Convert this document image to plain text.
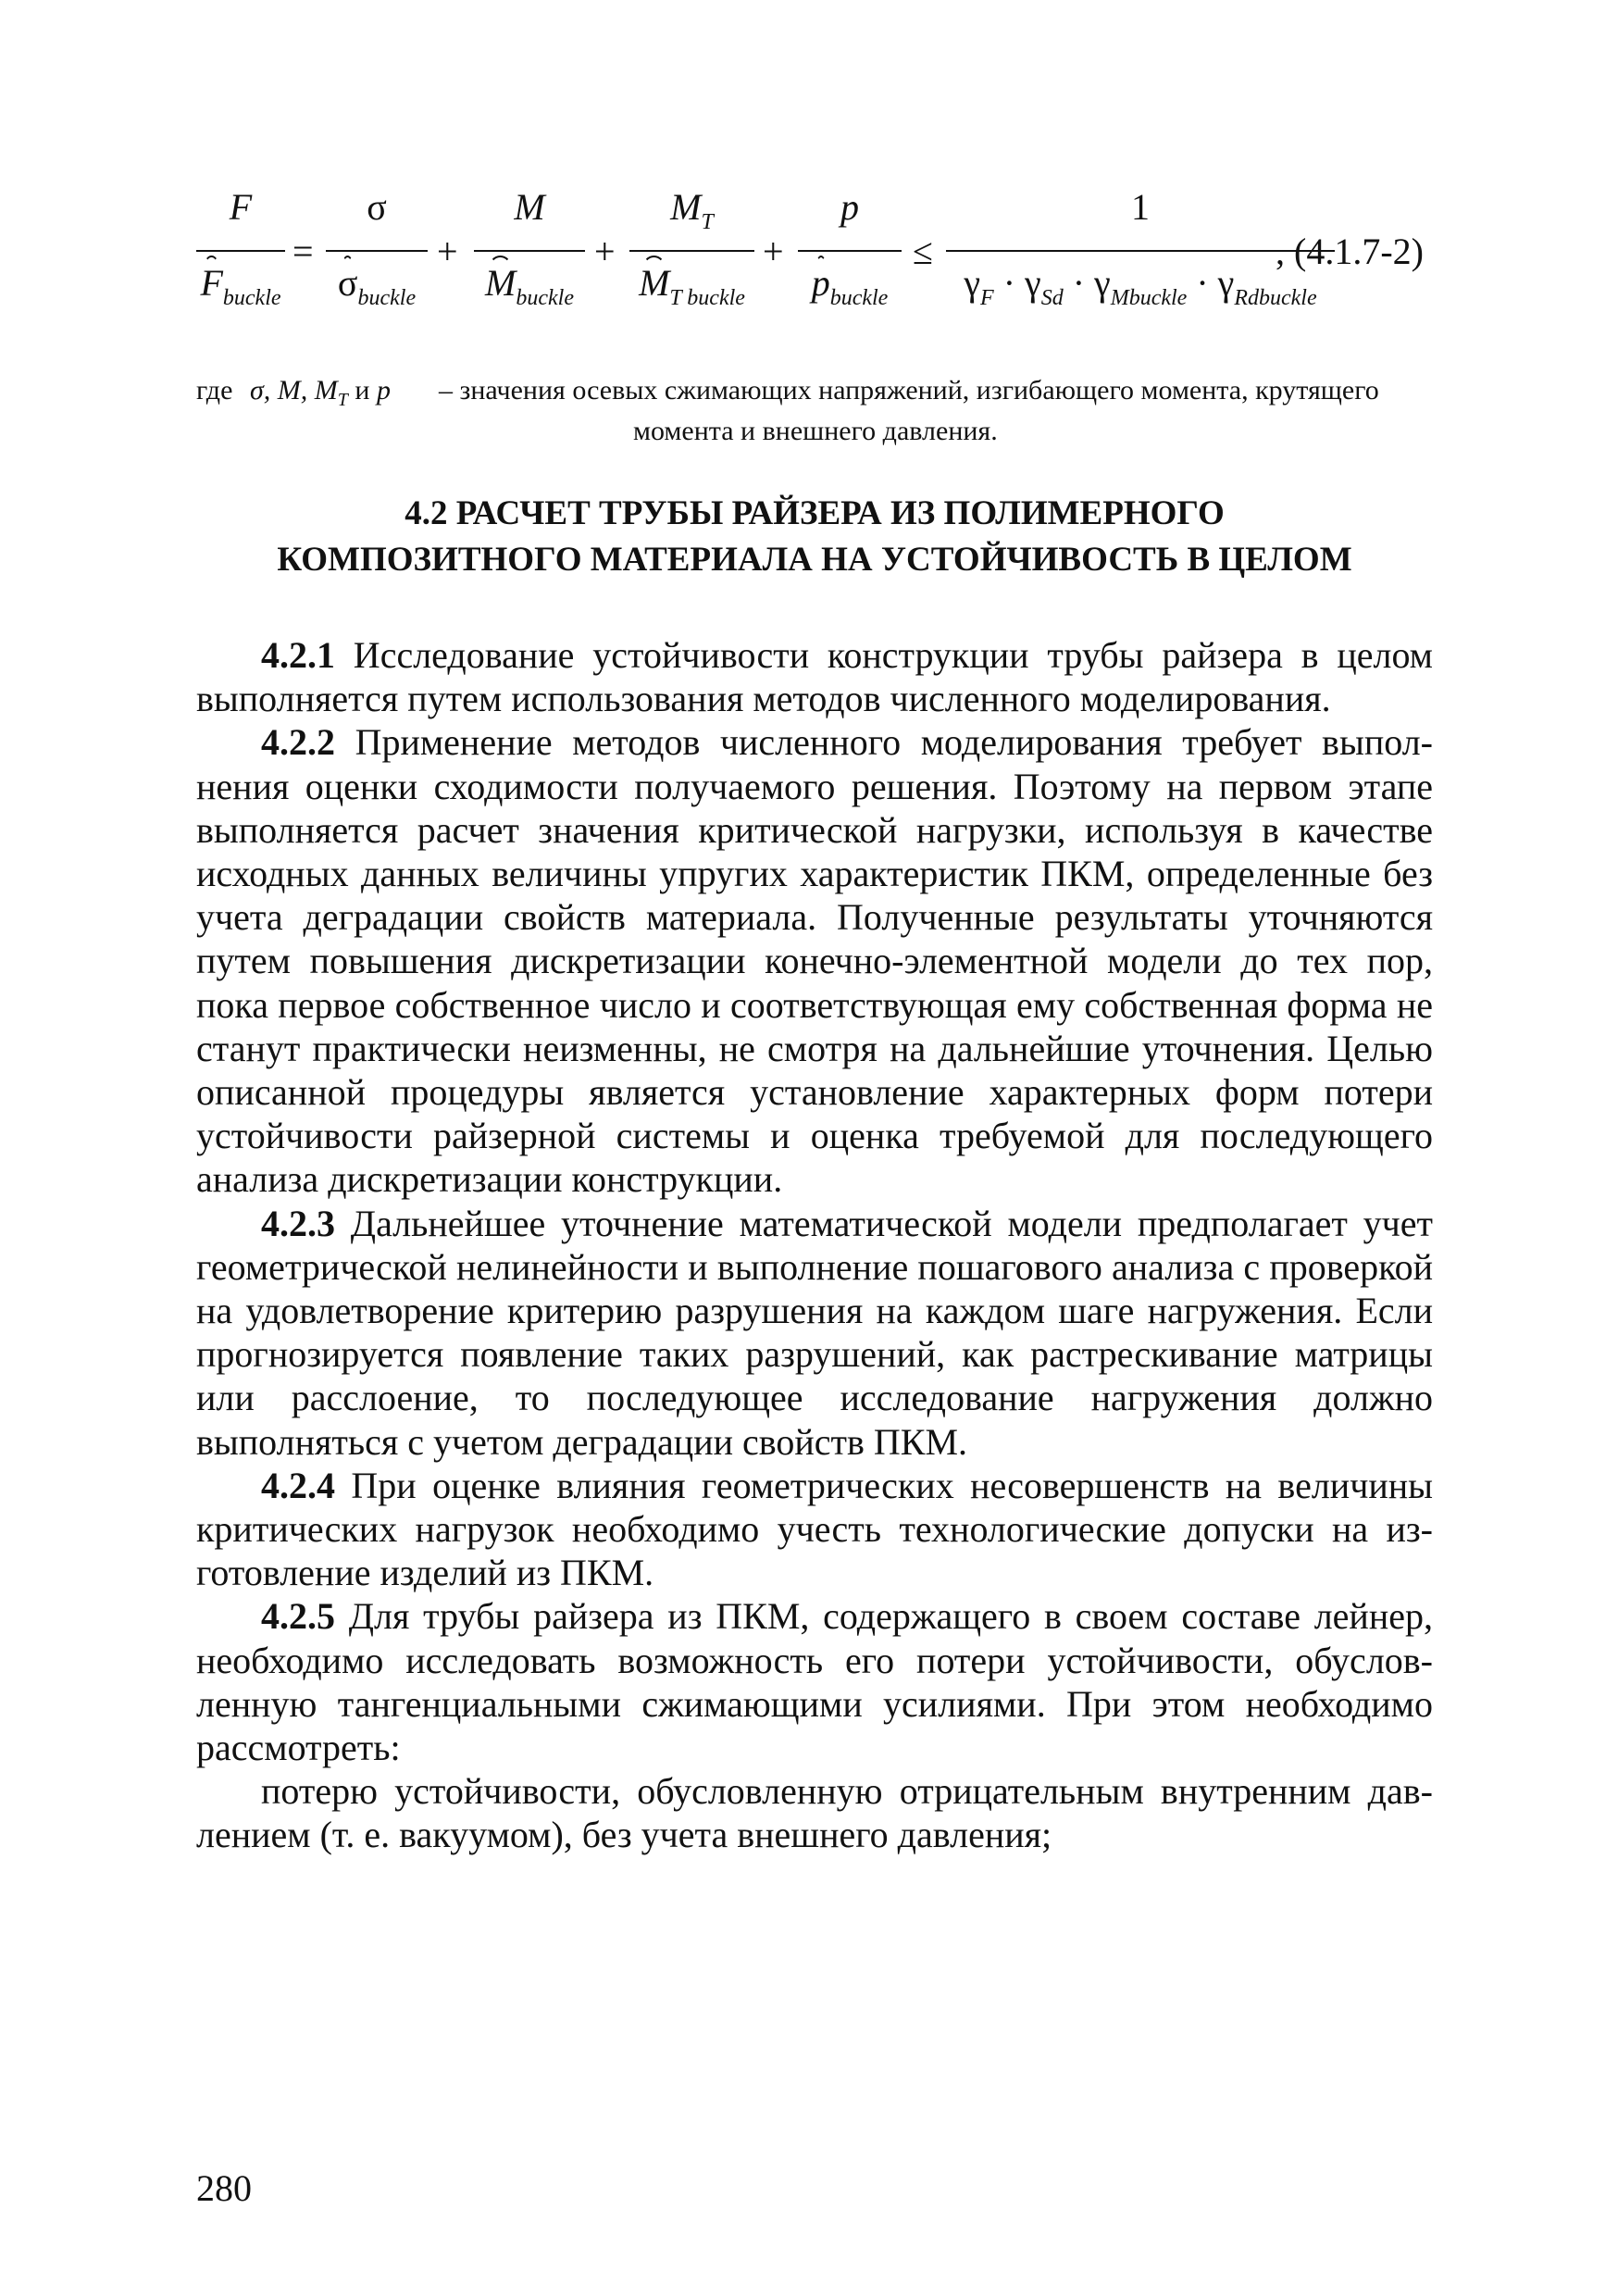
F
$F_{buckle}$
=
σ
$\sigma_{buckle}$
+
M
$M_{buckle}$
+
$M_T$
$M_{T buckle}$
+
p
$p_{buckle}$
≤
1
$\gamma_F \cdot \gamma_{Sd} \cdot \gamma_{Mbuckle} \cdot \gamma_{Rdbuckle}$
, (4.1.7-2)
где σ, M, $M_T$ и p – значения осевых сжимающих напряжений, изгибающего момента, крутящего
момента и внешнего давления.
4.2 РАСЧЕТ ТРУБЫ РАЙЗЕРА ИЗ ПОЛИМЕРНОГО
КОМПОЗИТНОГО МАТЕРИАЛА НА УСТОЙЧИВОСТЬ В ЦЕЛОМ

4.2.1 Исследование устойчивости конструкции трубы райзера в целом выполняется путем использования методов численного моделирования.

4.2.2 Применение методов численного моделирования требует выполнения оценки сходимости получаемого решения. Поэтому на первом этапе выполняется расчет значения критической нагрузки, используя в качестве исходных данных величины упругих характеристик ПКМ, определенные без учета деградации свойств материала. Полученные результаты уточняются путем повышения дискретизации конечно-элементной модели до тех пор, пока первое собственное число и соответствующая ему собственная форма не станут практически неизменны, не смотря на дальнейшие уточнения. Целью описанной процедуры является установление характерных форм потери устойчивости райзерной системы и оценка требуемой для последующего анализа дискретизации конструкции.

4.2.3 Дальнейшее уточнение математической модели предполагает учет геометрической нелинейности и выполнение пошагового анализа с проверкой на удовлетворение критерию разрушения на каждом шаге нагружения. Если прогнозируется появление таких разрушений, как растрескивание матрицы или расслоение, то последующее исследование нагружения должно выполняться с учетом деградации свойств ПКМ.

4.2.4 При оценке влияния геометрических несовершенств на величины критических нагрузок необходимо учесть технологические допуски на изготовление изделий из ПКМ.

4.2.5 Для трубы райзера из ПКМ, содержащего в своем составе лейнер, необходимо исследовать возможность его потери устойчивости, обусловленную тангенциальными сжимающими усилиями. При этом необходимо рассмотреть:

потерю устойчивости, обусловленную отрицательным внутренним давлением (т. е. вакуумом), без учета внешнего давления;

280
